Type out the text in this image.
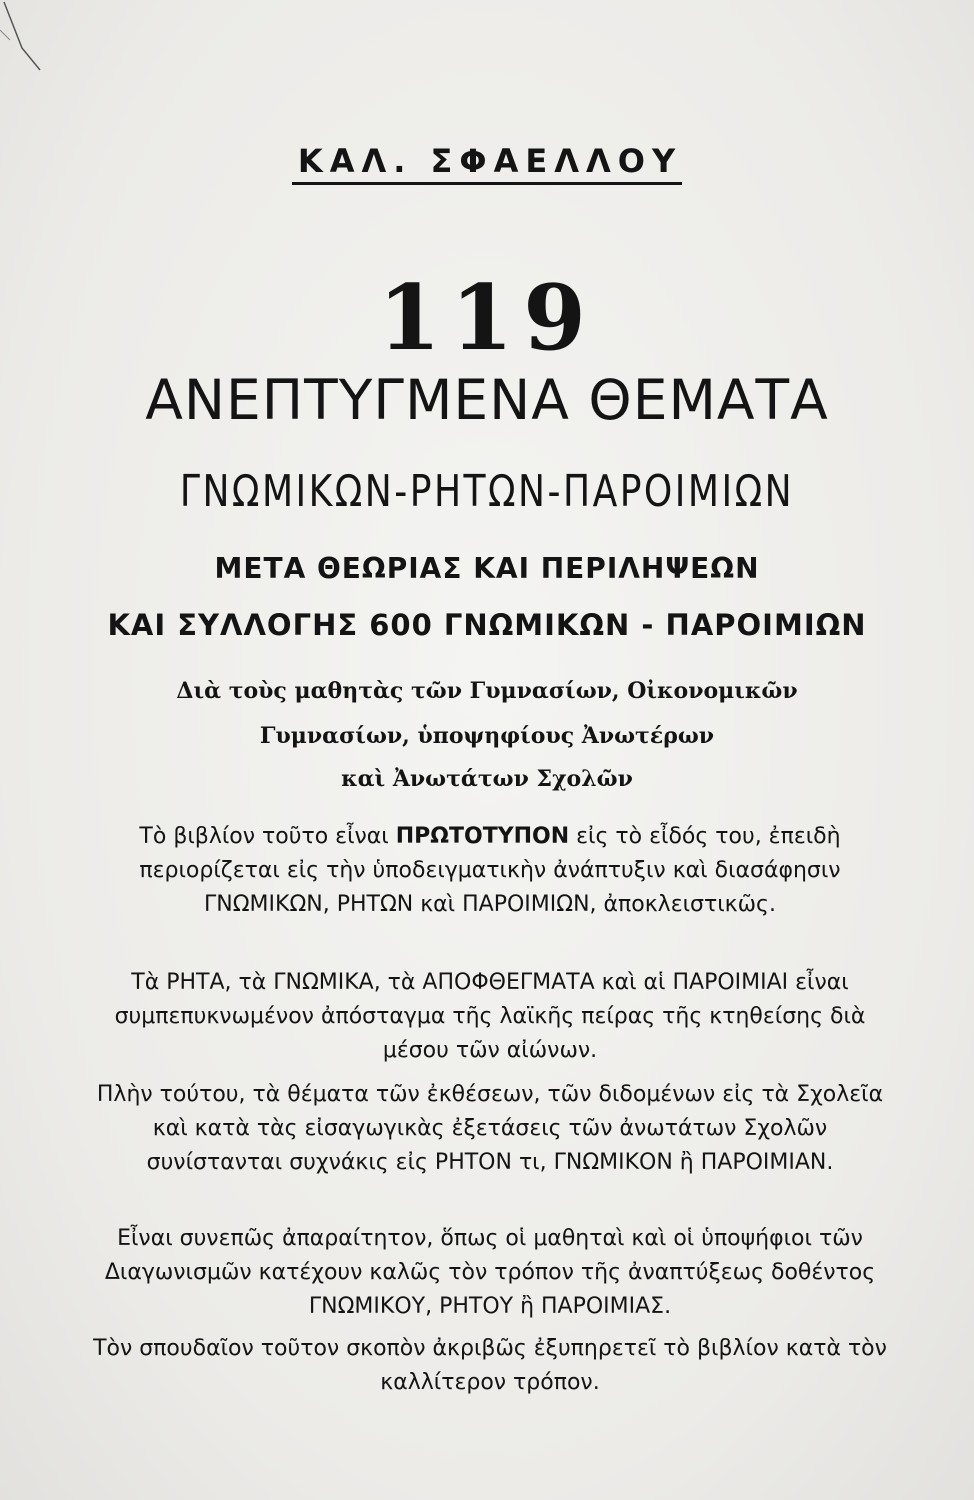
ΚΑΛ. ΣΦΑΕΛΛΟΥ
119
ΑΝΕΠΤΥΓΜΕΝΑ ΘΕΜΑΤΑ
ΓΝΩΜΙΚΩΝ-ΡΗΤΩΝ-ΠΑΡΟΙΜΙΩΝ
ΜΕΤΑ ΘΕΩΡΙΑΣ ΚΑΙ ΠΕΡΙΛΗΨΕΩΝ
ΚΑΙ ΣΥΛΛΟΓΗΣ 600 ΓΝΩΜΙΚΩΝ - ΠΑΡΟΙΜΙΩΝ
Διὰ τοὺς μαθητὰς τῶν Γυμνασίων, Οἰκονομικῶν
Γυμνασίων, ὑποψηφίους Ἀνωτέρων
καὶ Ἀνωτάτων Σχολῶν
Τὸ βιβλίον τοῦτο εἶναι ΠΡΩΤΟΤΥΠΟΝ εἰς τὸ εἶδός του, ἐπειδὴ περιορίζεται εἰς τὴν ὑποδειγματικὴν ἀνάπτυξιν καὶ διασάφησιν ΓΝΩΜΙΚΩΝ, ΡΗΤΩΝ καὶ ΠΑΡΟΙΜΙΩΝ, ἀποκλειστικῶς.
Τὰ ΡΗΤΑ, τὰ ΓΝΩΜΙΚΑ, τὰ ΑΠΟΦΘΕΓΜΑΤΑ καὶ αἱ ΠΑΡΟΙΜΙΑΙ εἶναι συμπεπυκνωμένον ἀπόσταγμα τῆς λαϊκῆς πείρας τῆς κτηθείσης διὰ μέσου τῶν αἰώνων.
Πλὴν τούτου, τὰ θέματα τῶν ἐκθέσεων, τῶν διδομένων εἰς τὰ Σχολεῖα καὶ κατὰ τὰς εἰσαγωγικὰς ἐξετάσεις τῶν ἀνωτάτων Σχολῶν συνίστανται συχνάκις εἰς ΡΗΤΟΝ τι, ΓΝΩΜΙΚΟΝ ἢ ΠΑΡΟΙΜΙΑΝ.
Εἶναι συνεπῶς ἀπαραίτητον, ὅπως οἱ μαθηταὶ καὶ οἱ ὑποψήφιοι τῶν Διαγωνισμῶν κατέχουν καλῶς τὸν τρόπον τῆς ἀναπτύξεως δοθέντος ΓΝΩΜΙΚΟΥ, ΡΗΤΟΥ ἢ ΠΑΡΟΙΜΙΑΣ.
Τὸν σπουδαῖον τοῦτον σκοπὸν ἀκριβῶς ἐξυπηρετεῖ τὸ βιβλίον κατὰ τὸν καλλίτερον τρόπον.
